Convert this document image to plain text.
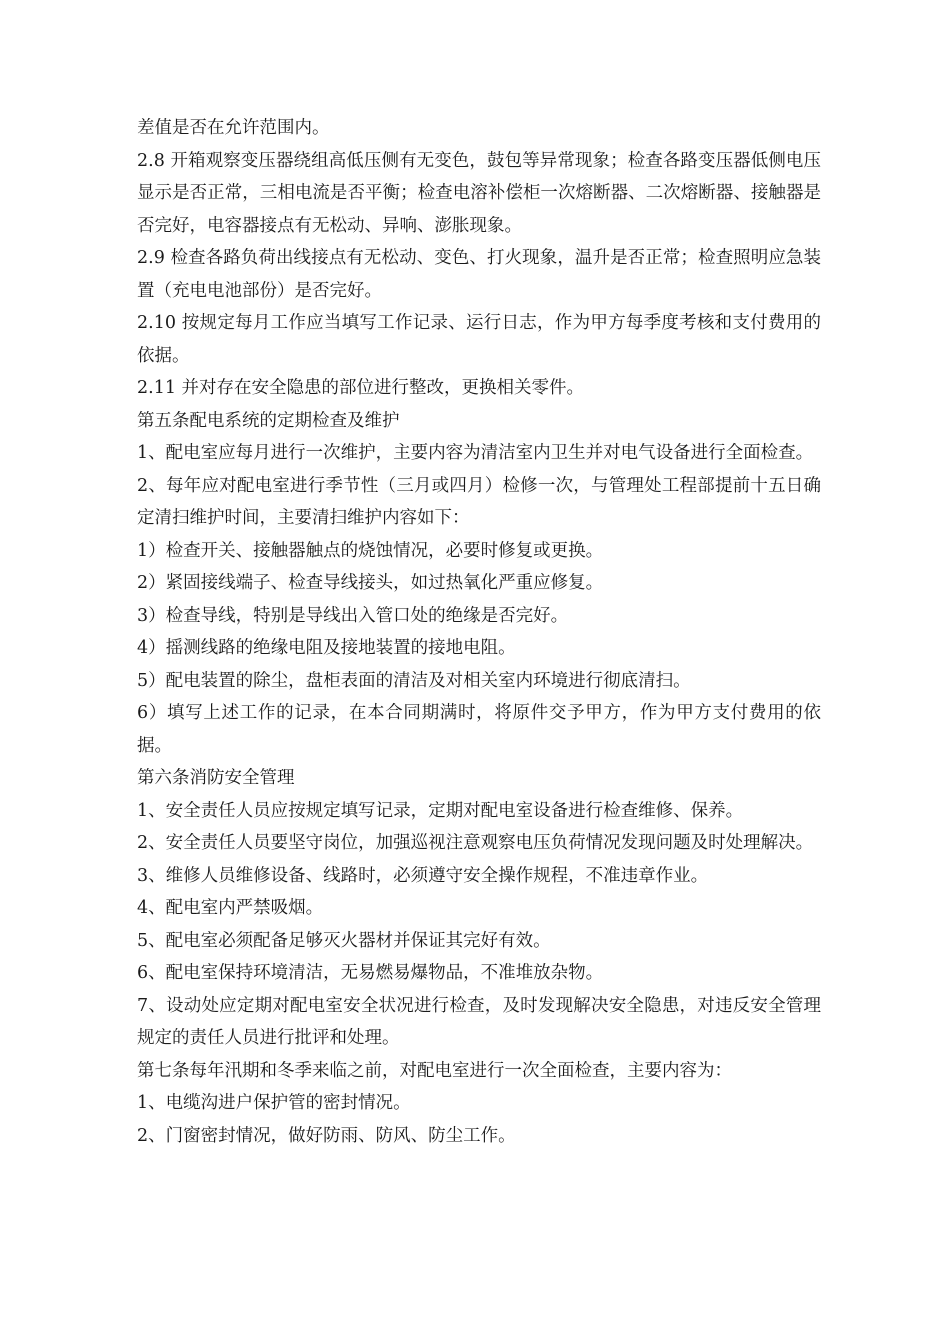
差值是否在允许范围内。

2.8 开箱观察变压器绕组高低压侧有无变色，鼓包等异常现象；检查各路变压器低侧电压显示是否正常，三相电流是否平衡；检查电溶补偿柜一次熔断器、二次熔断器、接触器是否完好，电容器接点有无松动、异响、澎胀现象。

2.9 检查各路负荷出线接点有无松动、变色、打火现象，温升是否正常；检查照明应急装置（充电电池部份）是否完好。

2.10 按规定每月工作应当填写工作记录、运行日志，作为甲方每季度考核和支付费用的依据。

2.11 并对存在安全隐患的部位进行整改，更换相关零件。

第五条配电系统的定期检查及维护

1、配电室应每月进行一次维护，主要内容为清洁室内卫生并对电气设备进行全面检查。

2、每年应对配电室进行季节性（三月或四月）检修一次，与管理处工程部提前十五日确定清扫维护时间，主要清扫维护内容如下：

1）检查开关、接触器触点的烧蚀情况，必要时修复或更换。

2）紧固接线端子、检查导线接头，如过热氧化严重应修复。

3）检查导线，特别是导线出入管口处的绝缘是否完好。

4）摇测线路的绝缘电阻及接地装置的接地电阻。

5）配电装置的除尘，盘柜表面的清洁及对相关室内环境进行彻底清扫。

6）填写上述工作的记录，在本合同期满时，将原件交予甲方，作为甲方支付费用的依据。

第六条消防安全管理

1、安全责任人员应按规定填写记录，定期对配电室设备进行检查维修、保养。

2、安全责任人员要坚守岗位，加强巡视注意观察电压负荷情况发现问题及时处理解决。

3、维修人员维修设备、线路时，必须遵守安全操作规程，不准违章作业。

4、配电室内严禁吸烟。

5、配电室必须配备足够灭火器材并保证其完好有效。

6、配电室保持环境清洁，无易燃易爆物品，不准堆放杂物。

7、设动处应定期对配电室安全状况进行检查，及时发现解决安全隐患，对违反安全管理规定的责任人员进行批评和处理。

第七条每年汛期和冬季来临之前，对配电室进行一次全面检查，主要内容为：

1、电缆沟进户保护管的密封情况。

2、门窗密封情况，做好防雨、防风、防尘工作。
